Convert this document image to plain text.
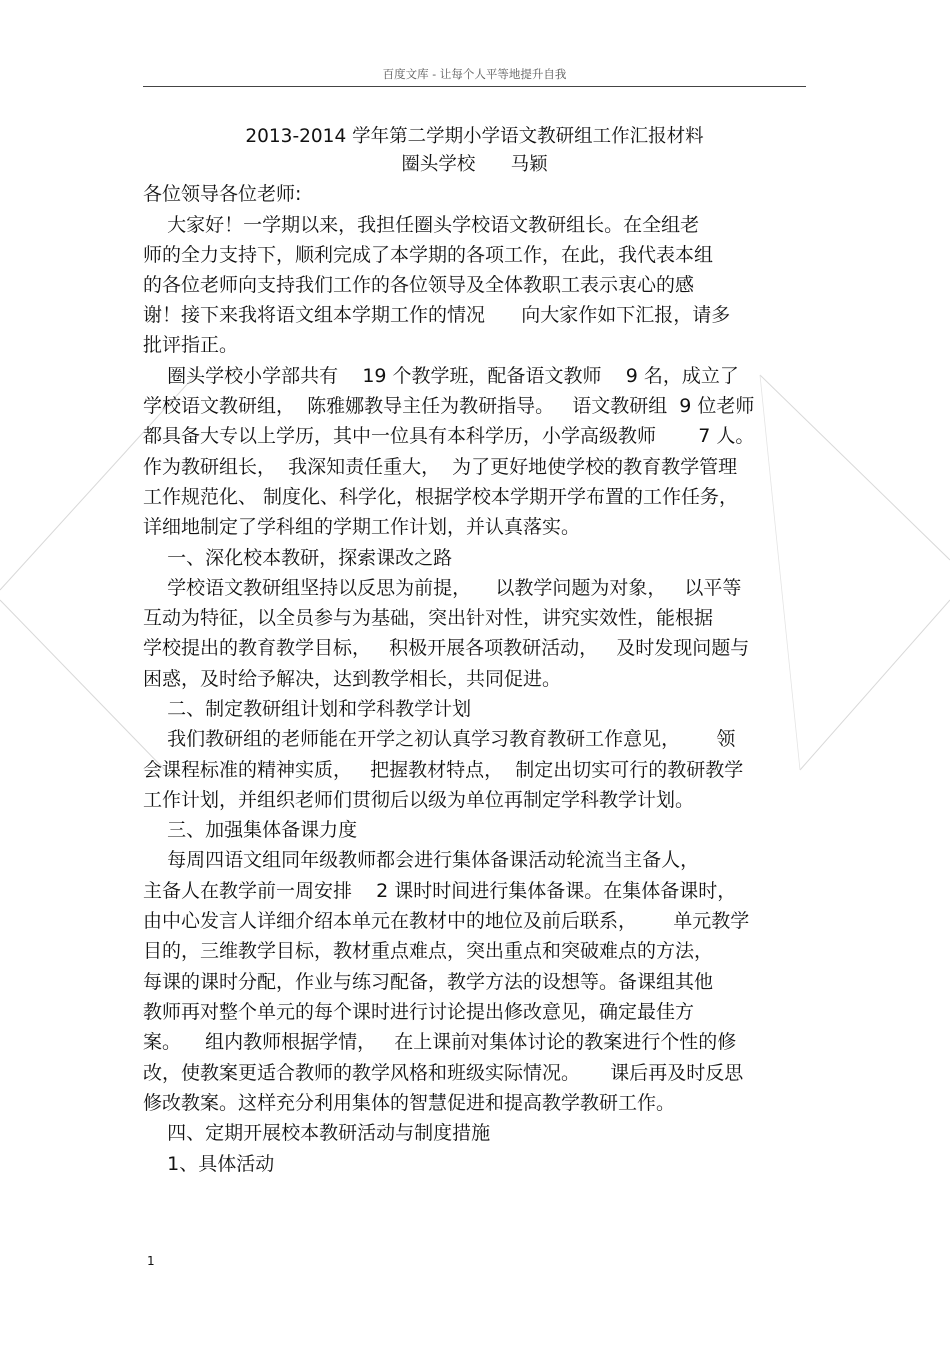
百度文库 - 让每个人平等地提升自我
2013-2014 学年第二学期小学语文教研组工作汇报材料
圈头学校      马颖
各位领导各位老师:
大家好！一学期以来，我担任圈头学校语文教研组长。在全组老
师的全力支持下，顺利完成了本学期的各项工作，在此，我代表本组
的各位老师向支持我们工作的各位领导及全体教职工表示衷心的感
谢！接下来我将语文组本学期工作的情况      向大家作如下汇报，请多
批评指正。
圈头学校小学部共有    19 个教学班，配备语文教师    9 名，成立了
学校语文教研组，  陈雅娜教导主任为教研指导。   语文教研组  9 位老师
都具备大专以上学历，其中一位具有本科学历，小学高级教师       7 人。
作为教研组长，  我深知责任重大，  为了更好地使学校的教育教学管理
工作规范化、 制度化、科学化，根据学校本学期开学布置的工作任务，
详细地制定了学科组的学期工作计划，并认真落实。
一、深化校本教研，探索课改之路
学校语文教研组坚持以反思为前提，    以教学问题为对象，   以平等
互动为特征，以全员参与为基础，突出针对性，讲究实效性，能根据
学校提出的教育教学目标，   积极开展各项教研活动，   及时发现问题与
困惑，及时给予解决，达到教学相长，共同促进。
二、制定教研组计划和学科教学计划
我们教研组的老师能在开学之初认真学习教育教研工作意见，      领
会课程标准的精神实质，   把握教材特点，  制定出切实可行的教研教学
工作计划，并组织老师们贯彻后以级为单位再制定学科教学计划。
三、加强集体备课力度
每周四语文组同年级教师都会进行集体备课活动轮流当主备人，
主备人在教学前一周安排    2 课时时间进行集体备课。在集体备课时，
由中心发言人详细介绍本单元在教材中的地位及前后联系，      单元教学
目的，三维教学目标，教材重点难点，突出重点和突破难点的方法，
每课的课时分配，作业与练习配备，教学方法的设想等。备课组其他
教师再对整个单元的每个课时进行讨论提出修改意见，确定最佳方
案。    组内教师根据学情，   在上课前对集体讨论的教案进行个性的修
改，使教案更适合教师的教学风格和班级实际情况。     课后再及时反思
修改教案。这样充分利用集体的智慧促进和提高教学教研工作。
四、定期开展校本教研活动与制度措施
1、具体活动
1
